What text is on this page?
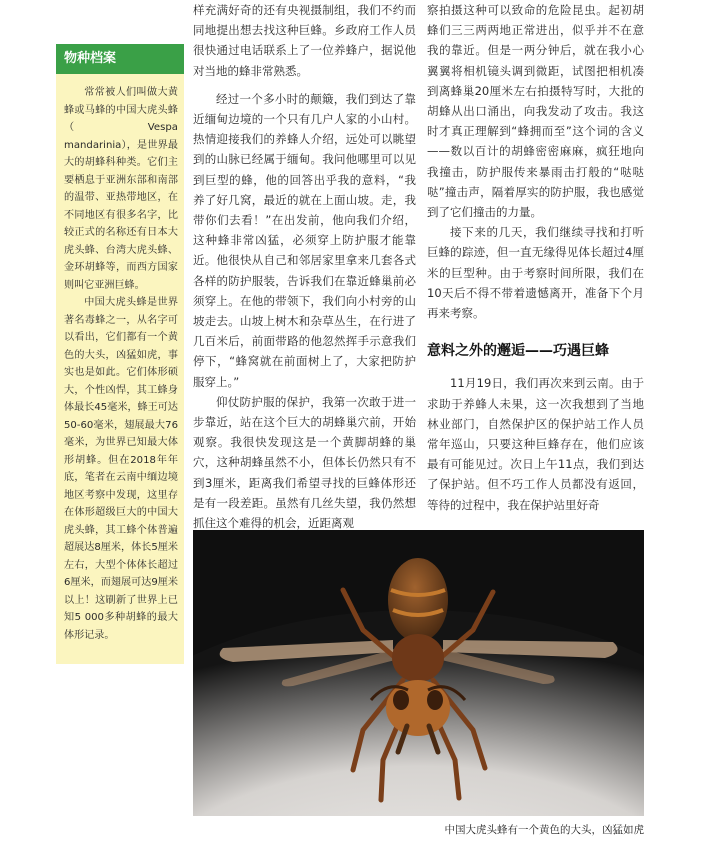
物种档案

常常被人们叫做大黄蜂或马蜂的中国大虎头蜂（Vespa mandarinia），是世界最大的胡蜂科种类。它们主要栖息于亚洲东部和南部的温带、亚热带地区，在不同地区有很多名字，比较正式的名称还有日本大虎头蜂、台湾大虎头蜂、金环胡蜂等，而西方国家则叫它亚洲巨蜂。

中国大虎头蜂是世界著名毒蜂之一，从名字可以看出，它们都有一个黄色的大头，凶猛如虎，事实也是如此。它们体形硕大，个性凶悍，其工蜂身体最长45毫米，蜂王可达50-60毫米，翅展最大76毫米，为世界已知最大体形胡蜂。但在2018年年底，笔者在云南中缅边境地区考察中发现，这里存在体形超级巨大的中国大虎头蜂，其工蜂个体普遍超展达8厘米，体长5厘米左右，大型个体体长超过6厘米，而翅展可达9厘米以上！这刷新了世界上已知5 000多种胡蜂的最大体形记录。

样充满好奇的还有央视摄制组，我们不约而同地提出想去找这种巨蜂。乡政府工作人员很快通过电话联系上了一位养蜂户，据说他对当地的蜂非常熟悉。

经过一个多小时的颠簸，我们到达了靠近缅甸边境的一个只有几户人家的小山村。热情迎接我们的养蜂人介绍，远处可以眺望到的山脉已经属于缅甸。我问他哪里可以见到巨型的蜂，他的回答出乎我的意料，“我养了好几窝，最近的就在上面山坡。走，我带你们去看！”在出发前，他向我们介绍，这种蜂非常凶猛，必须穿上防护服才能靠近。他很快从自己和邻居家里拿来几套各式各样的防护服装，告诉我们在靠近蜂巢前必须穿上。在他的带领下，我们向小村旁的山坡走去。山坡上树木和杂草丛生，在行进了几百米后，前面带路的他忽然挥手示意我们停下，“蜂窝就在前面树上了，大家把防护服穿上。”

仰仗防护服的保护，我第一次敢于进一步靠近，站在这个巨大的胡蜂巢穴前，开始观察。我很快发现这是一个黄脚胡蜂的巢穴，这种胡蜂虽然不小，但体长仍然只有不到3厘米，距离我们希望寻找的巨蜂体形还是有一段差距。虽然有几丝失望，我仍然想抓住这个难得的机会，近距离观

察拍摄这种可以致命的危险昆虫。起初胡蜂们三三两两地正常进出，似乎并不在意我的靠近。但是一两分钟后，就在我小心翼翼将相机镜头调到微距，试图把相机凑到离蜂巢20厘米左右拍摄特写时，大批的胡蜂从出口涌出，向我发动了攻击。我这时才真正理解到“蜂拥而至”这个词的含义——数以百计的胡蜂密密麻麻，疯狂地向我撞击，防护服传来暴雨击打般的“哒哒哒”撞击声，隔着厚实的防护服，我也感觉到了它们撞击的力量。

接下来的几天，我们继续寻找和打听巨蜂的踪迹，但一直无缘得见体长超过4厘米的巨型种。由于考察时间所限，我们在10天后不得不带着遗憾离开，准备下个月再来考察。

意料之外的邂逅——巧遇巨蜂

11月19日，我们再次来到云南。由于求助于养蜂人未果，这一次我想到了当地林业部门，自然保护区的保护站工作人员常年巡山，只要这种巨蜂存在，他们应该最有可能见过。次日上午11点，我们到达了保护站。但不巧工作人员都没有返回，等待的过程中，我在保护站里好奇

中国大虎头蜂有一个黄色的大头，凶猛如虎
